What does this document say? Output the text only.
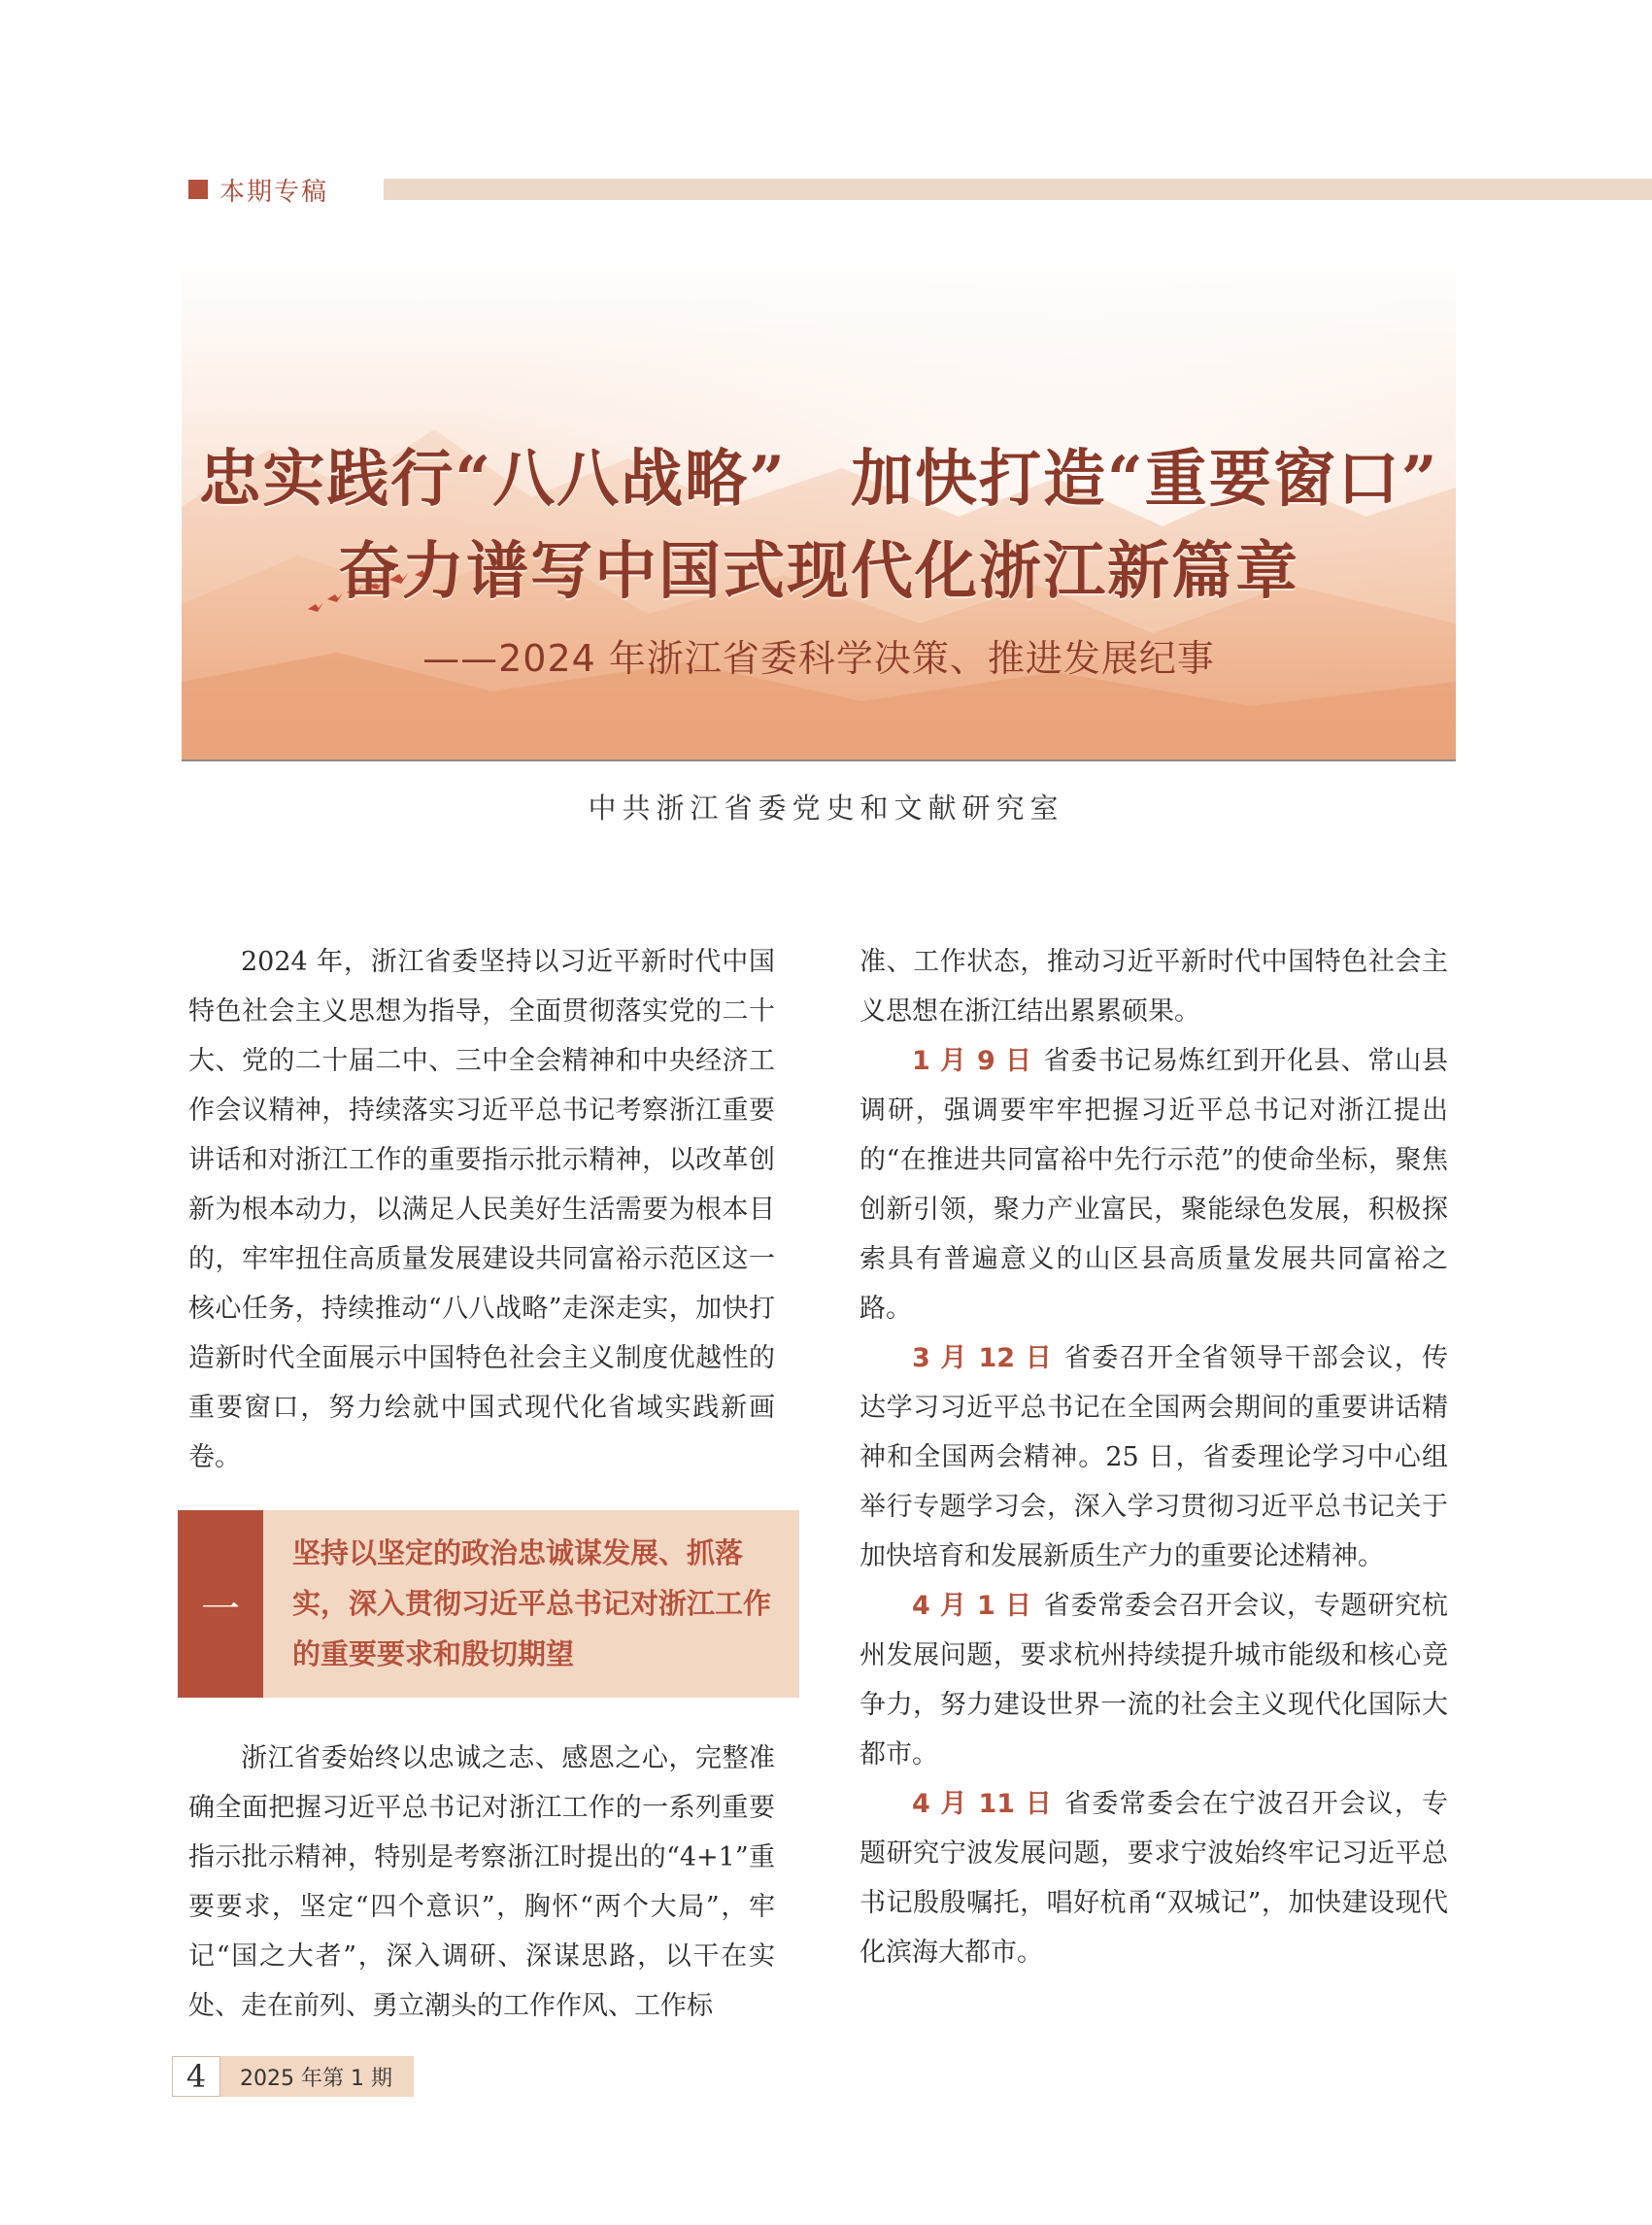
本期专稿
忠实践行“八八战略”　加快打造“重要窗口”
奋力谱写中国式现代化浙江新篇章
——2024 年浙江省委科学决策、推进发展纪事
中共浙江省委党史和文献研究室

2024 年，浙江省委坚持以习近平新时代中国特色社会主义思想为指导，全面贯彻落实党的二十大、党的二十届二中、三中全会精神和中央经济工作会议精神，持续落实习近平总书记考察浙江重要讲话和对浙江工作的重要指示批示精神，以改革创新为根本动力，以满足人民美好生活需要为根本目的，牢牢扭住高质量发展建设共同富裕示范区这一核心任务，持续推动“八八战略”走深走实，加快打造新时代全面展示中国特色社会主义制度优越性的重要窗口，努力绘就中国式现代化省域实践新画卷。

一
坚持以坚定的政治忠诚谋发展、抓落实，深入贯彻习近平总书记对浙江工作的重要要求和殷切期望

浙江省委始终以忠诚之志、感恩之心，完整准确全面把握习近平总书记对浙江工作的一系列重要指示批示精神，特别是考察浙江时提出的“4+1”重要要求，坚定“四个意识”，胸怀“两个大局”，牢记“国之大者”，深入调研、深谋思路，以干在实处、走在前列、勇立潮头的工作作风、工作标

准、工作状态，推动习近平新时代中国特色社会主义思想在浙江结出累累硕果。

1 月 9 日 省委书记易炼红到开化县、常山县调研，强调要牢牢把握习近平总书记对浙江提出的“在推进共同富裕中先行示范”的使命坐标，聚焦创新引领，聚力产业富民，聚能绿色发展，积极探索具有普遍意义的山区县高质量发展共同富裕之路。

3 月 12 日 省委召开全省领导干部会议，传达学习习近平总书记在全国两会期间的重要讲话精神和全国两会精神。25 日，省委理论学习中心组举行专题学习会，深入学习贯彻习近平总书记关于加快培育和发展新质生产力的重要论述精神。

4 月 1 日 省委常委会召开会议，专题研究杭州发展问题，要求杭州持续提升城市能级和核心竞争力，努力建设世界一流的社会主义现代化国际大都市。

4 月 11 日 省委常委会在宁波召开会议，专题研究宁波发展问题，要求宁波始终牢记习近平总书记殷殷嘱托，唱好杭甬“双城记”，加快建设现代化滨海大都市。

4	2025 年第 1 期
